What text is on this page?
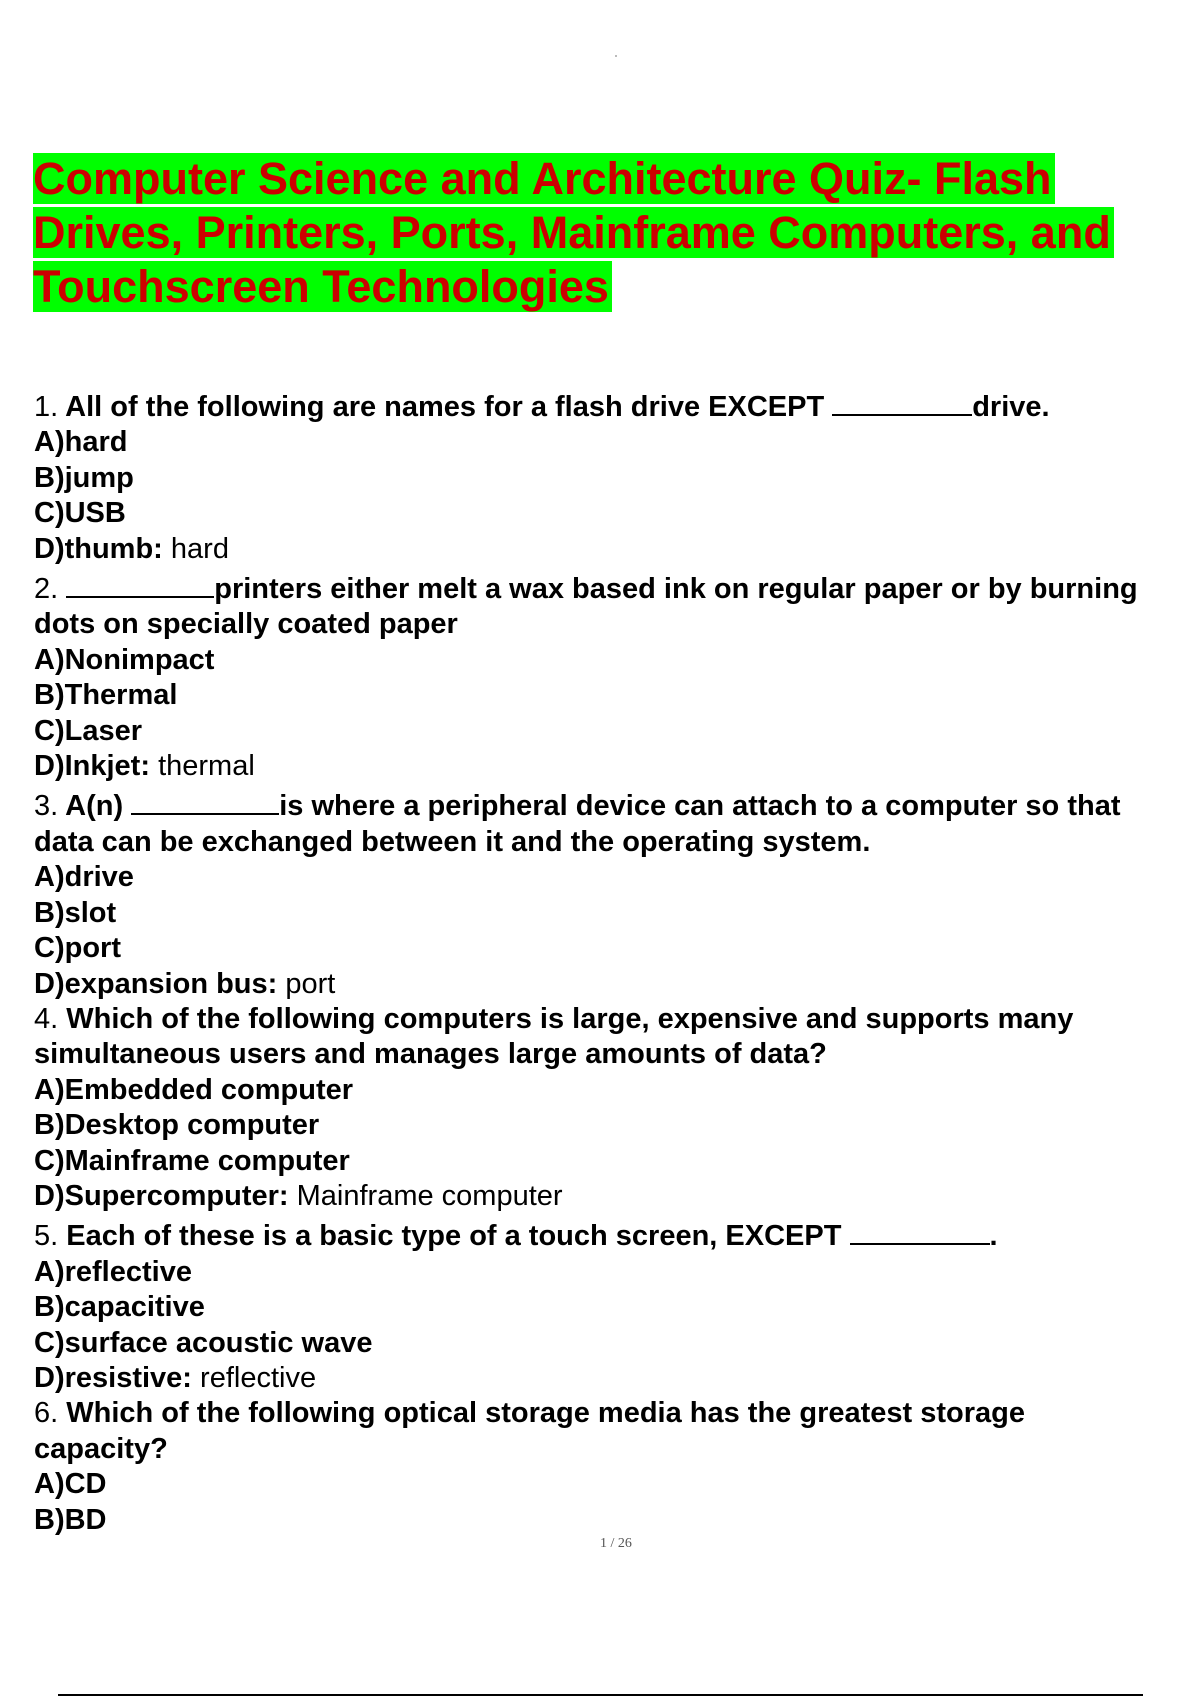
Computer Science and Architecture Quiz- Flash Drives, Printers, Ports, Mainframe Computers, and Touchscreen Technologies
1. All of the following are names for a flash drive EXCEPT	drive.
A)hard
B)jump
C)USB
D)thumb: hard
2.	printers either melt a wax based ink on regular paper or by burning
dots on specially coated paper
A)Nonimpact
B)Thermal
C)Laser
D)Inkjet: thermal
3. A(n)	is where a peripheral device can attach to a computer so that
data can be exchanged between it and the operating system.
A)drive
B)slot
C)port
D)expansion bus: port
4. Which of the following computers is large, expensive and supports many
simultaneous users and manages large amounts of data?
A)Embedded computer
B)Desktop computer
C)Mainframe computer
D)Supercomputer: Mainframe computer
5. Each of these is a basic type of a touch screen, EXCEPT	.
A)reflective
B)capacitive
C)surface acoustic wave
D)resistive: reflective
6. Which of the following optical storage media has the greatest storage
capacity?
A)CD
B)BD
1 / 26
